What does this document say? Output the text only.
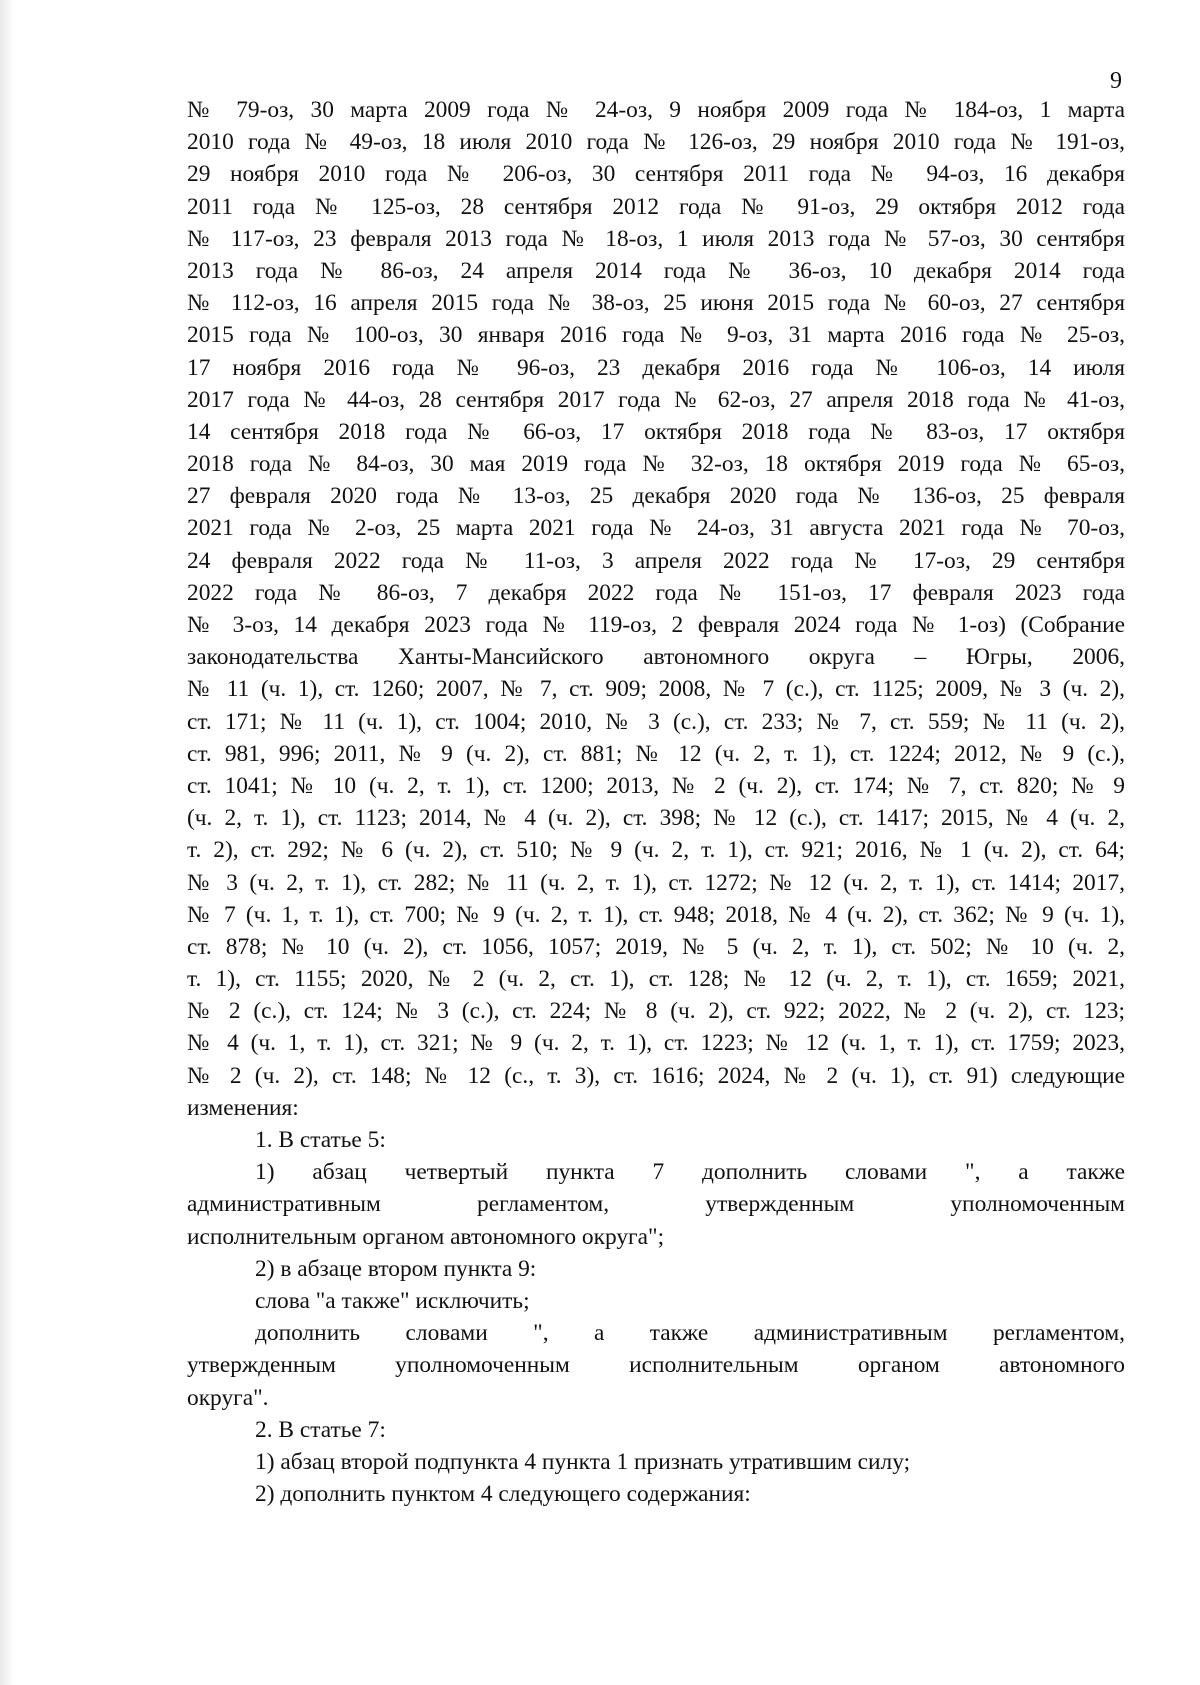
9
№ 79-оз, 30 марта 2009 года № 24-оз, 9 ноября 2009 года № 184-оз, 1 марта
2010 года № 49-оз, 18 июля 2010 года № 126-оз, 29 ноября 2010 года № 191-оз,
29 ноября 2010 года № 206-оз, 30 сентября 2011 года № 94-оз, 16 декабря
2011 года № 125-оз, 28 сентября 2012 года № 91-оз, 29 октября 2012 года
№ 117-оз, 23 февраля 2013 года № 18-оз, 1 июля 2013 года № 57-оз, 30 сентября
2013 года № 86-оз, 24 апреля 2014 года № 36-оз, 10 декабря 2014 года
№ 112-оз, 16 апреля 2015 года № 38-оз, 25 июня 2015 года № 60-оз, 27 сентября
2015 года № 100-оз, 30 января 2016 года № 9-оз, 31 марта 2016 года № 25-оз,
17 ноября 2016 года № 96-оз, 23 декабря 2016 года № 106-оз, 14 июля
2017 года № 44-оз, 28 сентября 2017 года № 62-оз, 27 апреля 2018 года № 41-оз,
14 сентября 2018 года № 66-оз, 17 октября 2018 года № 83-оз, 17 октября
2018 года № 84-оз, 30 мая 2019 года № 32-оз, 18 октября 2019 года № 65-оз,
27 февраля 2020 года № 13-оз, 25 декабря 2020 года № 136-оз, 25 февраля
2021 года № 2-оз, 25 марта 2021 года № 24-оз, 31 августа 2021 года № 70-оз,
24 февраля 2022 года № 11-оз, 3 апреля 2022 года № 17-оз, 29 сентября
2022 года № 86-оз, 7 декабря 2022 года № 151-оз, 17 февраля 2023 года
№ 3-оз, 14 декабря 2023 года № 119-оз, 2 февраля 2024 года № 1-оз) (Собрание
законодательства Ханты-Мансийского автономного округа – Югры, 2006,
№ 11 (ч. 1), ст. 1260; 2007, № 7, ст. 909; 2008, № 7 (с.), ст. 1125; 2009, № 3 (ч. 2),
ст. 171; № 11 (ч. 1), ст. 1004; 2010, № 3 (с.), ст. 233; № 7, ст. 559; № 11 (ч. 2),
ст. 981, 996; 2011, № 9 (ч. 2), ст. 881; № 12 (ч. 2, т. 1), ст. 1224; 2012, № 9 (с.),
ст. 1041; № 10 (ч. 2, т. 1), ст. 1200; 2013, № 2 (ч. 2), ст. 174; № 7, ст. 820; № 9
(ч. 2, т. 1), ст. 1123; 2014, № 4 (ч. 2), ст. 398; № 12 (с.), ст. 1417; 2015, № 4 (ч. 2,
т. 2), ст. 292; № 6 (ч. 2), ст. 510; № 9 (ч. 2, т. 1), ст. 921; 2016, № 1 (ч. 2), ст. 64;
№ 3 (ч. 2, т. 1), ст. 282; № 11 (ч. 2, т. 1), ст. 1272; № 12 (ч. 2, т. 1), ст. 1414; 2017,
№ 7 (ч. 1, т. 1), ст. 700; № 9 (ч. 2, т. 1), ст. 948; 2018, № 4 (ч. 2), ст. 362; № 9 (ч. 1),
ст. 878; № 10 (ч. 2), ст. 1056, 1057; 2019, № 5 (ч. 2, т. 1), ст. 502; № 10 (ч. 2,
т. 1), ст. 1155; 2020, № 2 (ч. 2, ст. 1), ст. 128; № 12 (ч. 2, т. 1), ст. 1659; 2021,
№ 2 (с.), ст. 124; № 3 (с.), ст. 224; № 8 (ч. 2), ст. 922; 2022, № 2 (ч. 2), ст. 123;
№ 4 (ч. 1, т. 1), ст. 321; № 9 (ч. 2, т. 1), ст. 1223; № 12 (ч. 1, т. 1), ст. 1759; 2023,
№ 2 (ч. 2), ст. 148; № 12 (с., т. 3), ст. 1616; 2024, № 2 (ч. 1), ст. 91) следующие
изменения:
1. В статье 5:
1) абзац четвертый пункта 7 дополнить словами ", а также
административным регламентом, утвержденным уполномоченным
исполнительным органом автономного округа";
2) в абзаце втором пункта 9:
слова "а также" исключить;
дополнить словами ", а также административным регламентом,
утвержденным уполномоченным исполнительным органом автономного
округа".
2. В статье 7:
1) абзац второй подпункта 4 пункта 1 признать утратившим силу;
2) дополнить пунктом 4 следующего содержания:
